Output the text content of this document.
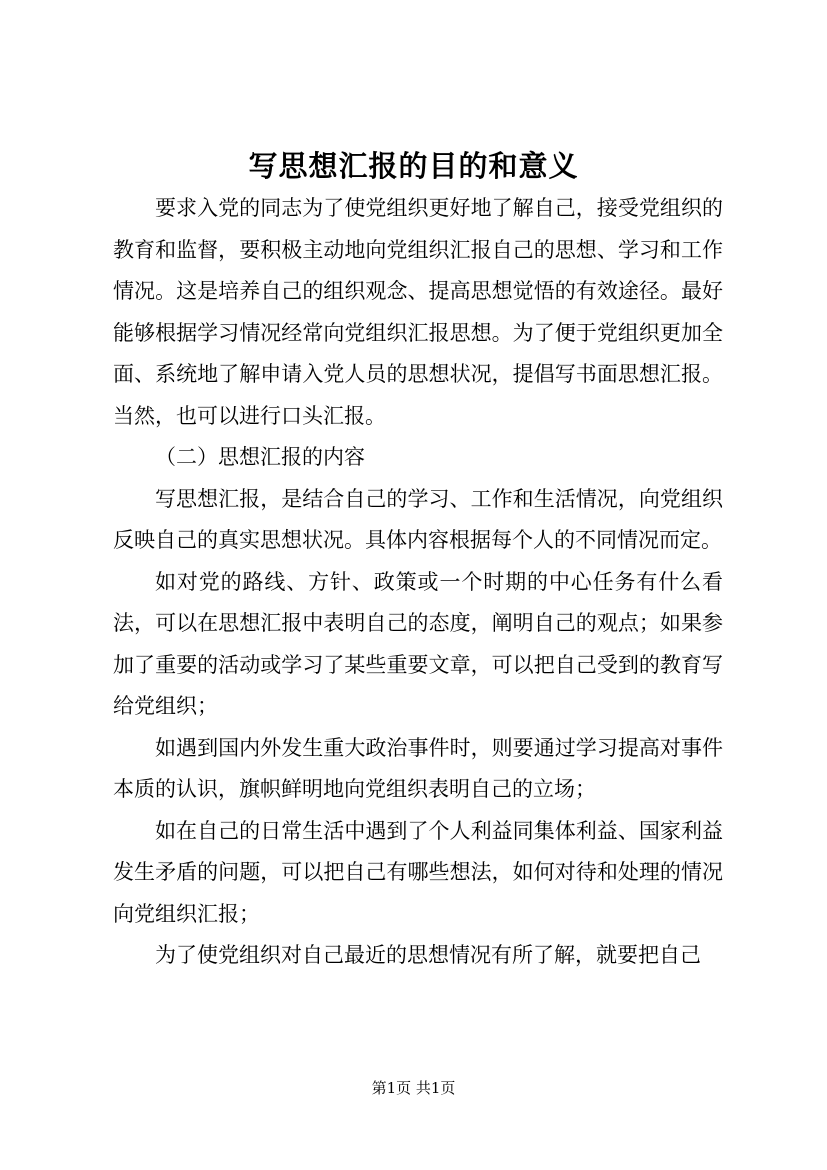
写思想汇报的目的和意义

要求入党的同志为了使党组织更好地了解自己，接受党组织的教育和监督，要积极主动地向党组织汇报自己的思想、学习和工作情况。这是培养自己的组织观念、提高思想觉悟的有效途径。最好能够根据学习情况经常向党组织汇报思想。为了便于党组织更加全面、系统地了解申请入党人员的思想状况，提倡写书面思想汇报。当然，也可以进行口头汇报。

（二）思想汇报的内容

写思想汇报，是结合自己的学习、工作和生活情况，向党组织反映自己的真实思想状况。具体内容根据每个人的不同情况而定。

如对党的路线、方针、政策或一个时期的中心任务有什么看法，可以在思想汇报中表明自己的态度，阐明自己的观点；如果参加了重要的活动或学习了某些重要文章，可以把自己受到的教育写给党组织；

如遇到国内外发生重大政治事件时，则要通过学习提高对事件本质的认识，旗帜鲜明地向党组织表明自己的立场；

如在自己的日常生活中遇到了个人利益同集体利益、国家利益发生矛盾的问题，可以把自己有哪些想法，如何对待和处理的情况向党组织汇报；

为了使党组织对自己最近的思想情况有所了解，就要把自己

第1页 共1页
